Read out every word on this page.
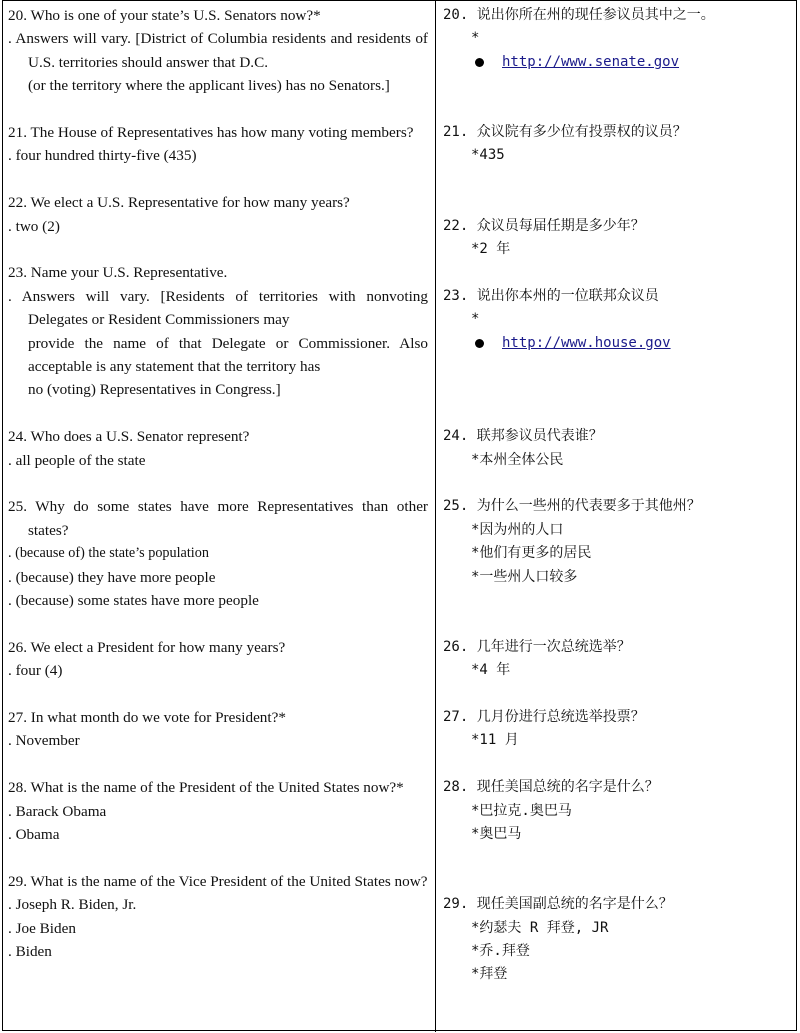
20. Who is one of your state’s U.S. Senators now?*
. Answers will vary. [District of Columbia residents and residents of U.S. territories should answer that D.C.
(or the territory where the applicant lives) has no Senators.]
21. The House of Representatives has how many voting members?
. four hundred thirty-five (435)
22. We elect a U.S. Representative for how many years?
. two (2)
23. Name your U.S. Representative.
. Answers will vary. [Residents of territories with nonvoting Delegates or Resident Commissioners may
provide the name of that Delegate or Commissioner. Also acceptable is any statement that the territory has
no (voting) Representatives in Congress.]
24. Who does a U.S. Senator represent?
. all people of the state
25. Why do some states have more Representatives than other states?
. (because of) the state’s population
. (because) they have more people
. (because) some states have more people
26. We elect a President for how many years?
. four (4)
27. In what month do we vote for President?*
. November
28. What is the name of the President of the United States now?*
. Barack Obama
. Obama
29. What is the name of the Vice President of the United States now?
. Joseph R. Biden, Jr.
. Joe Biden
. Biden
20. 说出你所在州的现任参议员其中之一。
*
http://www.senate.gov
21. 众议院有多少位有投票权的议员？
*435
22. 众议员每届任期是多少年？
*2 年
23. 说出你本州的一位联邦众议员
*
http://www.house.gov
24. 联邦参议员代表谁？
*本州全体公民
25. 为什么一些州的代表要多于其他州？
*因为州的人口
*他们有更多的居民
*一些州人口较多
26. 几年进行一次总统选举？
*4 年
27. 几月份进行总统选举投票？
*11 月
28. 现任美国总统的名字是什么？
*巴拉克.奥巴马
*奥巴马
29. 现任美国副总统的名字是什么？
*约瑟夫 R 拜登, JR
*乔.拜登
*拜登
